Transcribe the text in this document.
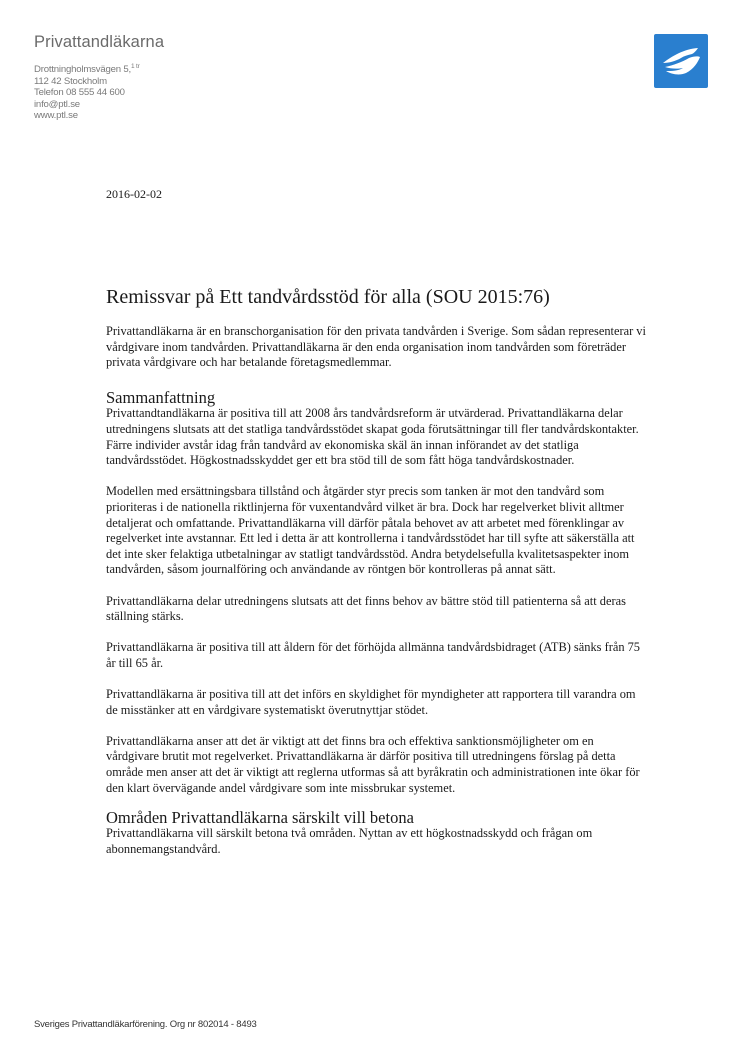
Privattandläkarna
Drottningholmsvägen 5,$^{1 tr}$
112 42 Stockholm
Telefon 08 555 44 600
info@ptl.se
www.ptl.se
2016-02-02
Remissvar på Ett tandvårdsstöd för alla (SOU 2015:76)

Privattandläkarna är en branschorganisation för den privata tandvården i Sverige. Som sådan representerar vi vårdgivare inom tandvården. Privattandläkarna är den enda organisation inom tandvården som företräder privata vårdgivare och har betalande företagsmedlemmar.

Sammanfattning

Privattandtandläkarna är positiva till att 2008 års tandvårdsreform är utvärderad. Privattandläkarna delar utredningens slutsats att det statliga tandvårdsstödet skapat goda förutsättningar till fler tandvårdskontakter. Färre individer avstår idag från tandvård av ekonomiska skäl än innan införandet av det statliga tandvårdsstödet. Högkostnadsskyddet ger ett bra stöd till de som fått höga tandvårdskostnader.

Modellen med ersättningsbara tillstånd och åtgärder styr precis som tanken är mot den tandvård som prioriteras i de nationella riktlinjerna för vuxentandvård vilket är bra. Dock har regelverket blivit alltmer detaljerat och omfattande. Privattandläkarna vill därför påtala behovet av att arbetet med förenklingar av regelverket inte avstannar. Ett led i detta är att kontrollerna i tandvårdsstödet har till syfte att säkerställa att det inte sker felaktiga utbetalningar av statligt tandvårdsstöd. Andra betydelsefulla kvalitetsaspekter inom tandvården, såsom journalföring och användande av röntgen bör kontrolleras på annat sätt.

Privattandläkarna delar utredningens slutsats att det finns behov av bättre stöd till patienterna så att deras ställning stärks.

Privattandläkarna är positiva till att åldern för det förhöjda allmänna tandvårdsbidraget (ATB) sänks från 75 år till 65 år.

Privattandläkarna är positiva till att det införs en skyldighet för myndigheter att rapportera till varandra om de misstänker att en vårdgivare systematiskt överutnyttjar stödet.

Privattandläkarna anser att det är viktigt att det finns bra och effektiva sanktionsmöjligheter om en vårdgivare brutit mot regelverket. Privattandläkarna är därför positiva till utredningens förslag på detta område men anser att det är viktigt att reglerna utformas så att byråkratin och administrationen inte ökar för den klart övervägande andel vårdgivare som inte missbrukar systemet.

Områden Privattandläkarna särskilt vill betona

Privattandläkarna vill särskilt betona två områden. Nyttan av ett högkostnadsskydd och frågan om abonnemangstandvård.

Sveriges Privattandläkarförening. Org nr 802014 - 8493
